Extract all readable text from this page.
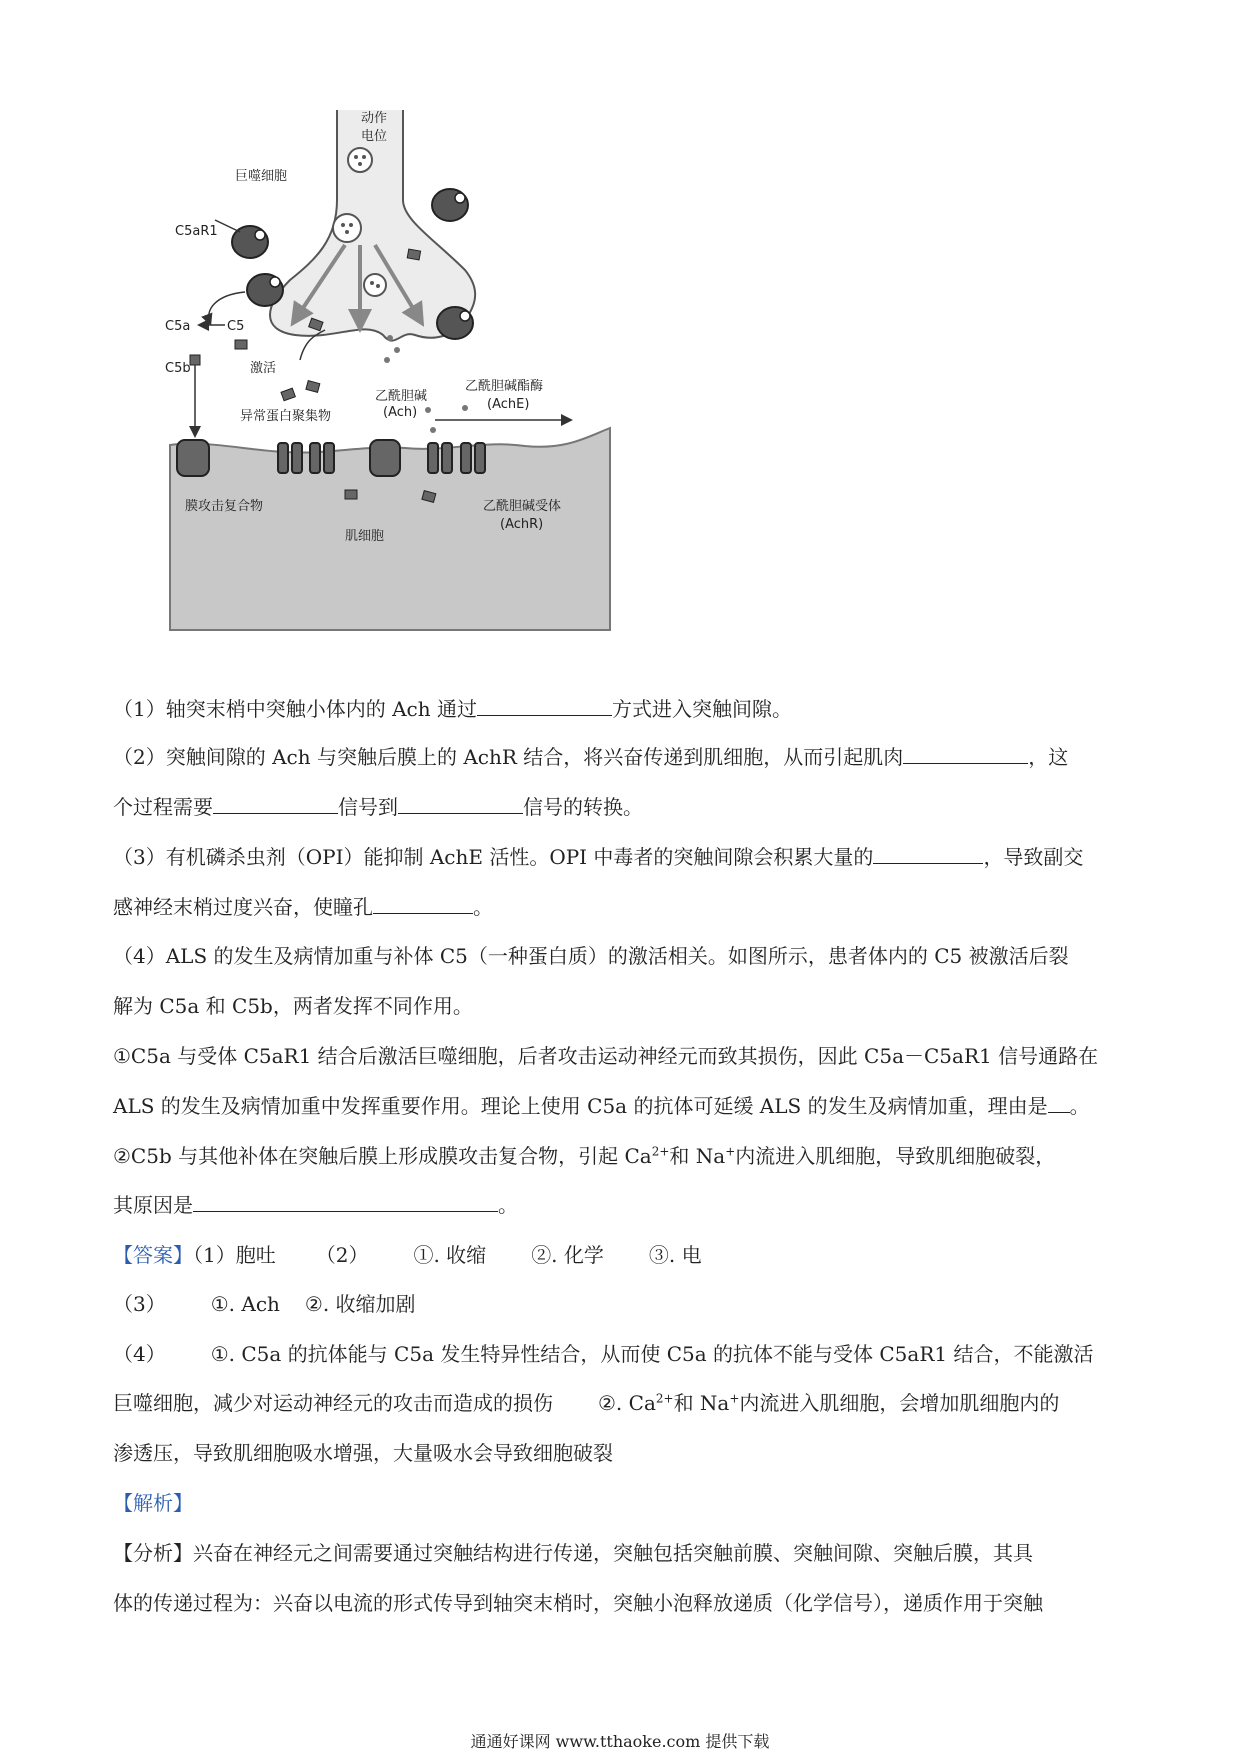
动作
电位
巨噬细胞
C5aR1
C5a	C5
C5b	激活
异常蛋白聚集物
乙酰胆碱
(Ach)
乙酰胆碱酯酶
(AchE)
膜攻击复合物
肌细胞
乙酰胆碱受体
(AchR)
（1）轴突末梢中突触小体内的 Ach 通过	方式进入突触间隙。
（2）突触间隙的 Ach 与突触后膜上的 AchR 结合，将兴奋传递到肌细胞，从而引起肌肉	，这
个过程需要	信号到	信号的转换。
（3）有机磷杀虫剂（OPI）能抑制 AchE 活性。OPI 中毒者的突触间隙会积累大量的	，导致副交
感神经末梢过度兴奋，使瞳孔	。
（4）ALS 的发生及病情加重与补体 C5（一种蛋白质）的激活相关。如图所示，患者体内的 C5 被激活后裂
解为 C5a 和 C5b，两者发挥不同作用。
①C5a 与受体 C5aR1 结合后激活巨噬细胞，后者攻击运动神经元而致其损伤，因此 C5a－C5aR1 信号通路在
ALS 的发生及病情加重中发挥重要作用。理论上使用 C5a 的抗体可延缓 ALS 的发生及病情加重，理由是 。
②C5b 与其他补体在突触后膜上形成膜攻击复合物，引起 $Ca^{2+}$和 Na+内流进入肌细胞，导致肌细胞破裂，
其原因是	。
【答案】（1）胞吐 （2） ①. 收缩 ②. 化学 ③. 电
（3） ①. Ach ②. 收缩加剧
（4） ①. C5a 的抗体能与 C5a 发生特异性结合，从而使 C5a 的抗体不能与受体 C5aR1 结合，不能激活
巨噬细胞，减少对运动神经元的攻击而造成的损伤 ②. $Ca^{2+}$和 Na+内流进入肌细胞，会增加肌细胞内的
渗透压，导致肌细胞吸水增强，大量吸水会导致细胞破裂
【解析】
【分析】兴奋在神经元之间需要通过突触结构进行传递，突触包括突触前膜、突触间隙、突触后膜，其具
体的传递过程为：兴奋以电流的形式传导到轴突末梢时，突触小泡释放递质（化学信号），递质作用于突触
通通好课网 www.tthaoke.com 提供下载
